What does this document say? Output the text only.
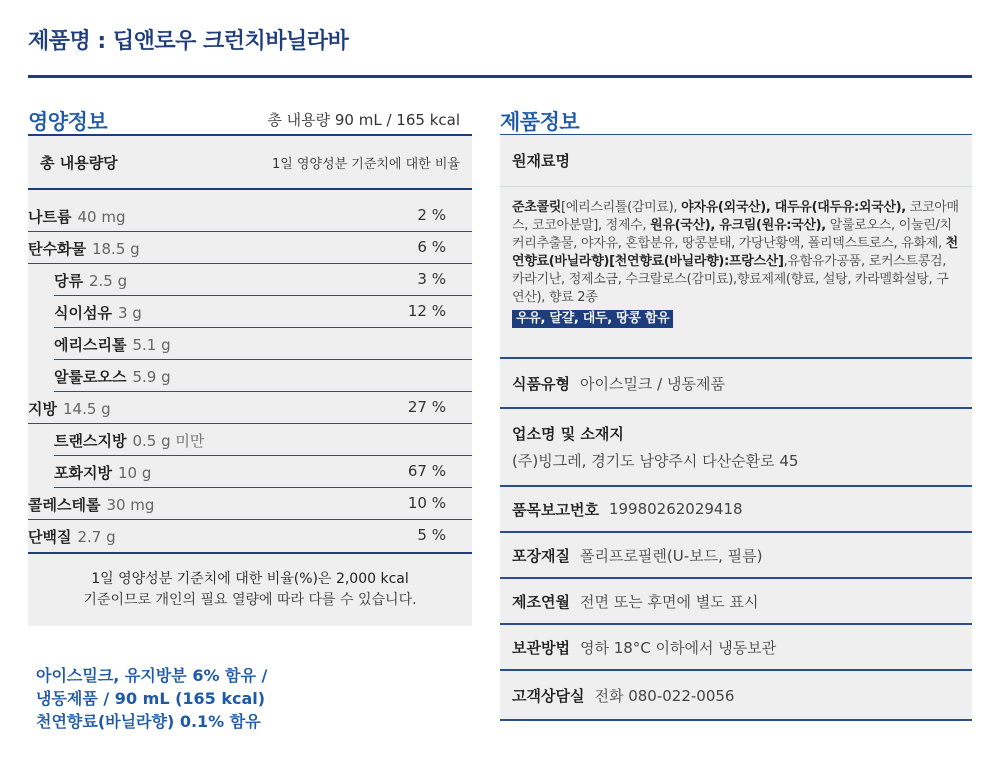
제품명 : 딥앤로우 크런치바닐라바
영양정보	총 내용량 90 mL / 165 kcal
총 내용량당	1일 영양성분 기준치에 대한 비율
나트륨 40 mg	2 %
탄수화물 18.5 g	6 %
당류 2.5 g	3 %
식이섬유 3 g	12 %
에리스리톨 5.1 g
알룰로오스 5.9 g
지방 14.5 g	27 %
트랜스지방 0.5 g 미만
포화지방 10 g	67 %
콜레스테롤 30 mg	10 %
단백질 2.7 g	5 %
1일 영양성분 기준치에 대한 비율(%)은 2,000 kcal
기준이므로 개인의 필요 열량에 따라 다를 수 있습니다.
아이스밀크, 유지방분 6% 함유 /
냉동제품 / 90 mL (165 kcal)
천연향료(바닐라향) 0.1% 함유
제품정보
원재료명
준초콜릿[에리스리톨(감미료), 야자유(외국산), 대두유(대두유:외국산), 코코아매스, 코코아분말], 정제수, 원유(국산), 유크림(원유:국산), 알룰로오스, 이눌린/치커리추출물, 야자유, 혼합분유, 땅콩분태, 가당난황액, 폴리덱스트로스, 유화제, 천연향료(바닐라향)[천연향료(바닐라향):프랑스산],유함유가공품, 로커스트콩검, 카라기난, 정제소금, 수크랄로스(감미료),향료제제(향료, 설탕, 카라멜화설탕, 구연산), 향료 2종
우유, 달걀, 대두, 땅콩 함유
식품유형 아이스밀크 / 냉동제품
업소명 및 소재지
(주)빙그레, 경기도 남양주시 다산순환로 45
품목보고번호 19980262029418
포장재질 폴리프로필렌(U-보드, 필름)
제조연월 전면 또는 후면에 별도 표시
보관방법 영하 18°C 이하에서 냉동보관
고객상담실 전화 080-022-0056
